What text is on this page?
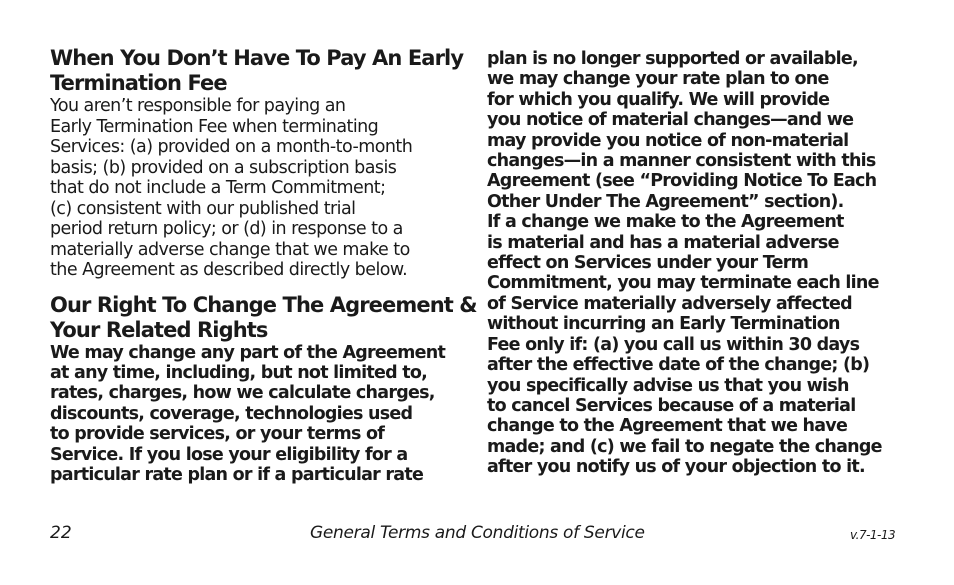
When You Don’t Have To Pay An Early
Termination Fee

You aren’t responsible for paying an
Early Termination Fee when terminating
Services: (a) provided on a month-to-month
basis; (b) provided on a subscription basis
that do not include a Term Commitment;
(c) consistent with our published trial
period return policy; or (d) in response to a
materially adverse change that we make to
the Agreement as described directly below.

Our Right To Change The Agreement &
Your Related Rights

We may change any part of the Agreement
at any time, including, but not limited to,
rates, charges, how we calculate charges,
discounts, coverage, technologies used
to provide services, or your terms of
Service. If you lose your eligibility for a
particular rate plan or if a particular rate

plan is no longer supported or available,
we may change your rate plan to one
for which you qualify. We will provide
you notice of material changes—and we
may provide you notice of non-material
changes—in a manner consistent with this
Agreement (see “Providing Notice To Each
Other Under The Agreement” section).
If a change we make to the Agreement
is material and has a material adverse
effect on Services under your Term
Commitment, you may terminate each line
of Service materially adversely affected
without incurring an Early Termination
Fee only if: (a) you call us within 30 days
after the effective date of the change; (b)
you specifically advise us that you wish
to cancel Services because of a material
change to the Agreement that we have
made; and (c) we fail to negate the change
after you notify us of your objection to it.

22	General Terms and Conditions of Service	v.7-1-13
